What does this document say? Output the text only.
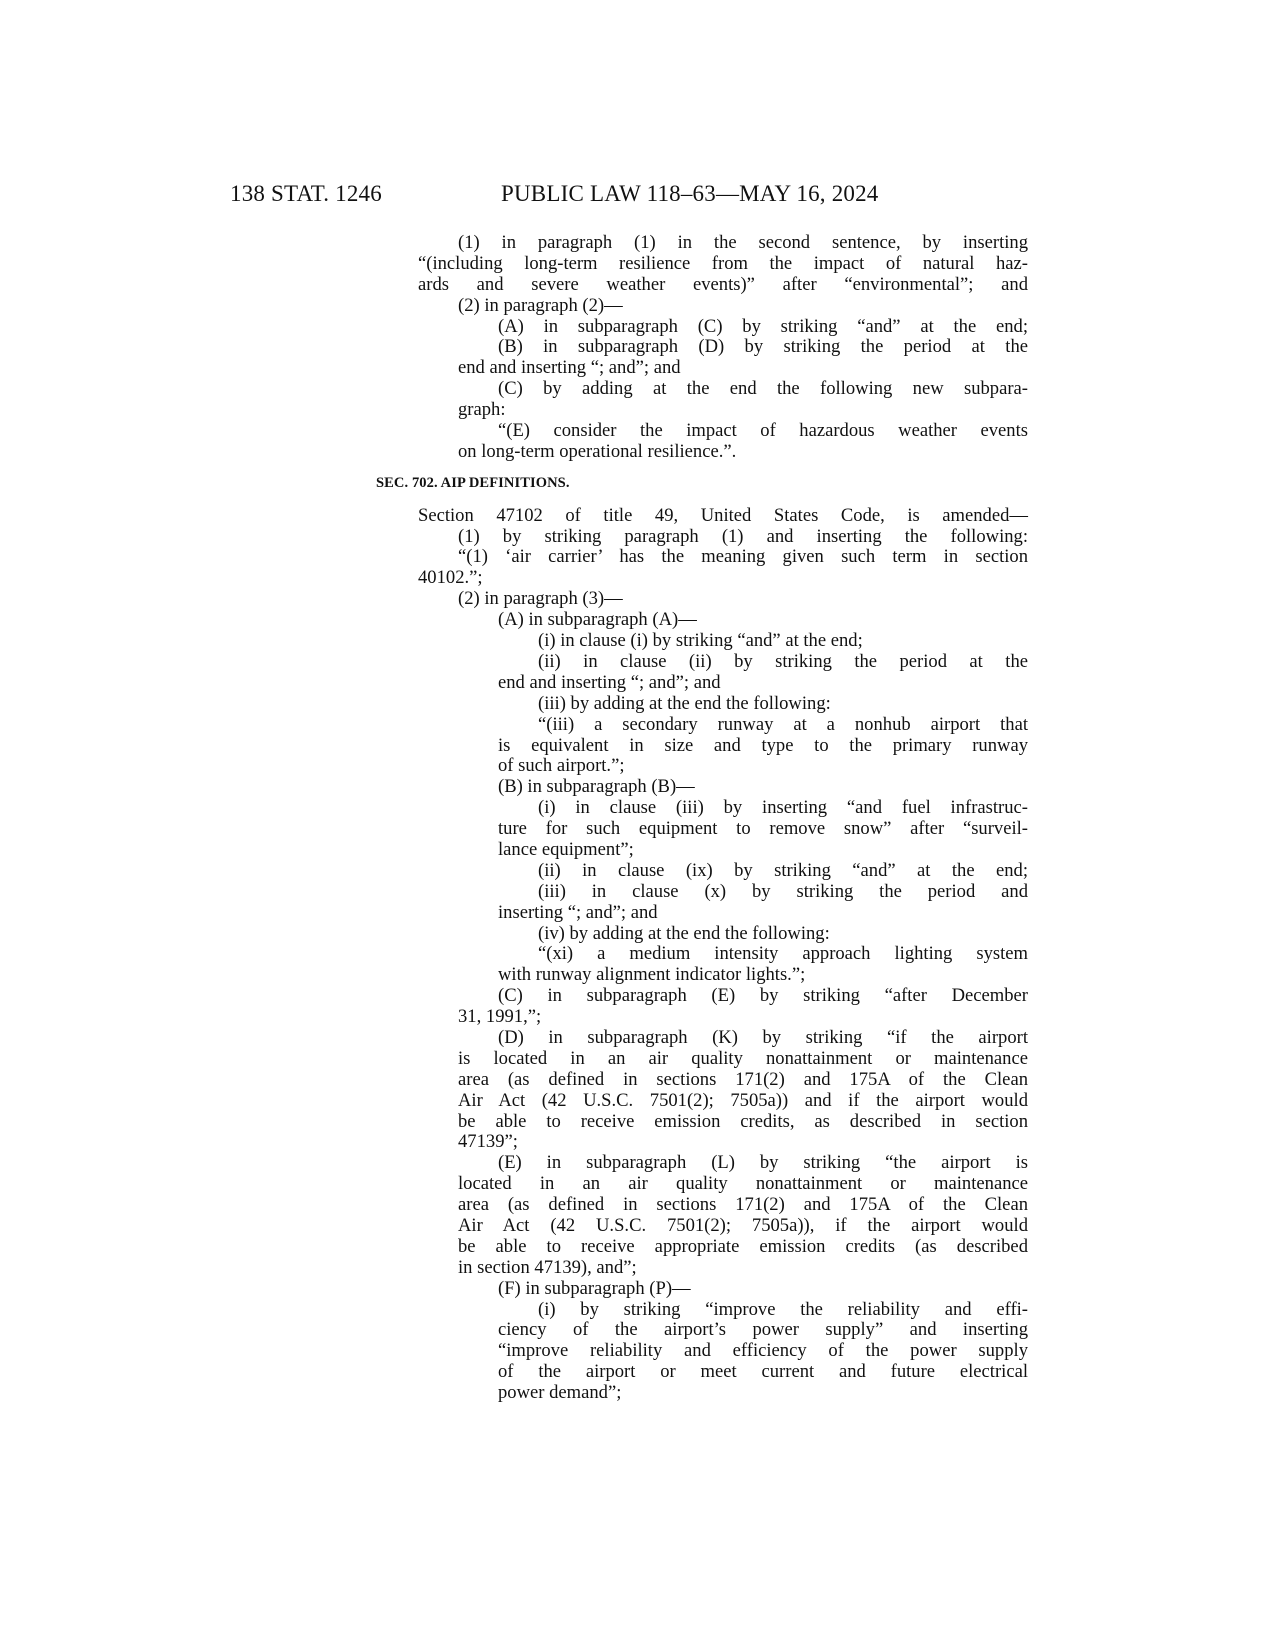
138 STAT. 1246	PUBLIC LAW 118–63—MAY 16, 2024
(1) in paragraph (1) in the second sentence, by inserting
“(including long-term resilience from the impact of natural haz-
ards and severe weather events)” after “environmental”; and
(2) in paragraph (2)—
(A) in subparagraph (C) by striking “and” at the end;
(B) in subparagraph (D) by striking the period at the
end and inserting “; and”; and
(C) by adding at the end the following new subpara-
graph:
“(E) consider the impact of hazardous weather events
on long-term operational resilience.”.
SEC. 702. AIP DEFINITIONS.
Section 47102 of title 49, United States Code, is amended—
(1) by striking paragraph (1) and inserting the following:
“(1) ‘air carrier’ has the meaning given such term in section
40102.”;
(2) in paragraph (3)—
(A) in subparagraph (A)—
(i) in clause (i) by striking “and” at the end;
(ii) in clause (ii) by striking the period at the
end and inserting “; and”; and
(iii) by adding at the end the following:
“(iii) a secondary runway at a nonhub airport that
is equivalent in size and type to the primary runway
of such airport.”;
(B) in subparagraph (B)—
(i) in clause (iii) by inserting “and fuel infrastruc-
ture for such equipment to remove snow” after “surveil-
lance equipment”;
(ii) in clause (ix) by striking “and” at the end;
(iii) in clause (x) by striking the period and
inserting “; and”; and
(iv) by adding at the end the following:
“(xi) a medium intensity approach lighting system
with runway alignment indicator lights.”;
(C) in subparagraph (E) by striking “after December
31, 1991,”;
(D) in subparagraph (K) by striking “if the airport
is located in an air quality nonattainment or maintenance
area (as defined in sections 171(2) and 175A of the Clean
Air Act (42 U.S.C. 7501(2); 7505a)) and if the airport would
be able to receive emission credits, as described in section
47139”;
(E) in subparagraph (L) by striking “the airport is
located in an air quality nonattainment or maintenance
area (as defined in sections 171(2) and 175A of the Clean
Air Act (42 U.S.C. 7501(2); 7505a)), if the airport would
be able to receive appropriate emission credits (as described
in section 47139), and”;
(F) in subparagraph (P)—
(i) by striking “improve the reliability and effi-
ciency of the airport’s power supply” and inserting
“improve reliability and efficiency of the power supply
of the airport or meet current and future electrical
power demand”;
